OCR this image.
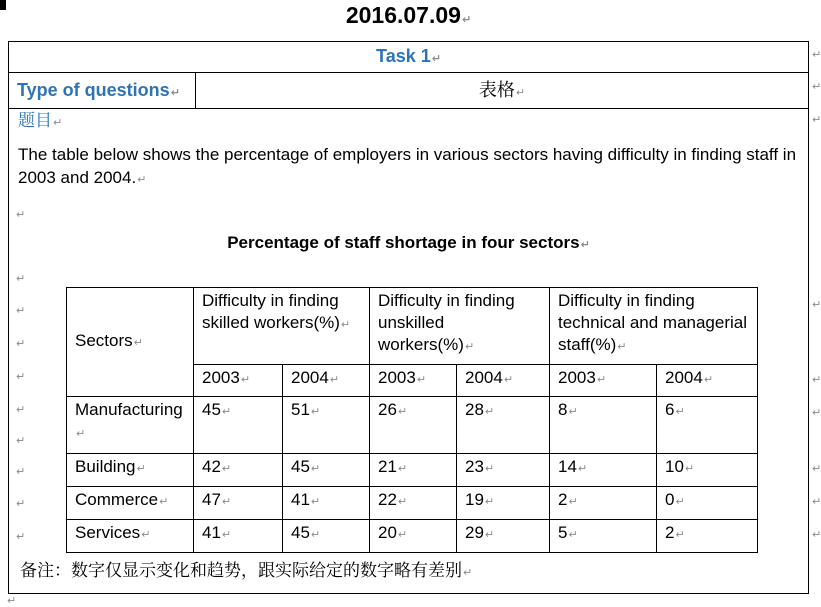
2016.07.09↵
Task 1↵
Type of questions↵	表格↵
题目↵
The table below shows the percentage of employers in various sectors having difficulty in finding staff in 2003 and 2004.↵
↵
Percentage of staff shortage in four sectors↵
↵
↵
↵
↵
↵
↵
↵
↵
↵
Sectors↵	Difficulty in finding skilled workers(%)↵		Difficulty in finding unskilled workers(%)↵		Difficulty in finding technical and managerial staff(%)↵	
	2003↵	2004↵	2003↵	2004↵	2003↵	2004↵
Manufacturing↵	45↵	51↵	26↵	28↵	8↵	6↵
Building↵	42↵	45↵	21↵	23↵	14↵	10↵
Commerce↵	47↵	41↵	22↵	19↵	2↵	0↵
Services↵	41↵	45↵	20↵	29↵	5↵	2↵
备注：数字仅显示变化和趋势，跟实际给定的数字略有差别↵
↵
↵
↵
↵
↵
↵
↵
↵
↵
↵
